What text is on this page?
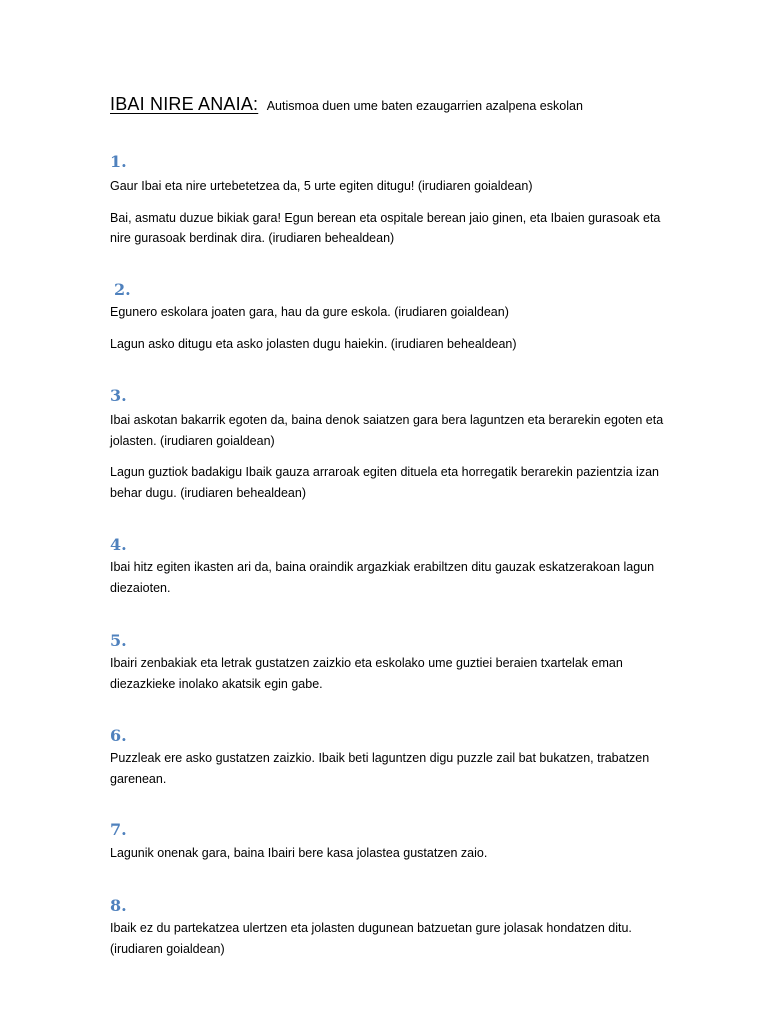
IBAI NIRE ANAIA: Autismoa duen ume baten ezaugarrien azalpena eskolan

1.

Gaur Ibai eta nire urtebetetzea da, 5 urte egiten ditugu! (irudiaren goialdean)

Bai, asmatu duzue bikiak gara! Egun berean eta ospitale berean jaio ginen, eta Ibaien gurasoak eta nire gurasoak berdinak dira. (irudiaren behealdean)

2.

Egunero eskolara joaten gara, hau da gure eskola. (irudiaren goialdean)

Lagun asko ditugu eta asko jolasten dugu haiekin. (irudiaren behealdean)

3.

Ibai askotan bakarrik egoten da, baina denok saiatzen gara bera laguntzen eta berarekin egoten eta jolasten. (irudiaren goialdean)

Lagun guztiok badakigu Ibaik gauza arraroak egiten dituela eta horregatik berarekin pazientzia izan behar dugu. (irudiaren behealdean)

4.

Ibai hitz egiten ikasten ari da, baina oraindik argazkiak erabiltzen ditu gauzak eskatzerakoan lagun diezaioten.

5.

Ibairi zenbakiak eta letrak gustatzen zaizkio eta eskolako ume guztiei beraien txartelak eman diezazkieke inolako akatsik egin gabe.

6.

Puzzleak ere asko gustatzen zaizkio. Ibaik beti laguntzen digu puzzle zail bat bukatzen, trabatzen garenean.

7.

Lagunik onenak gara, baina Ibairi bere kasa jolastea gustatzen zaio.

8.

Ibaik ez du partekatzea ulertzen eta jolasten dugunean batzuetan gure jolasak hondatzen ditu. (irudiaren goialdean)
